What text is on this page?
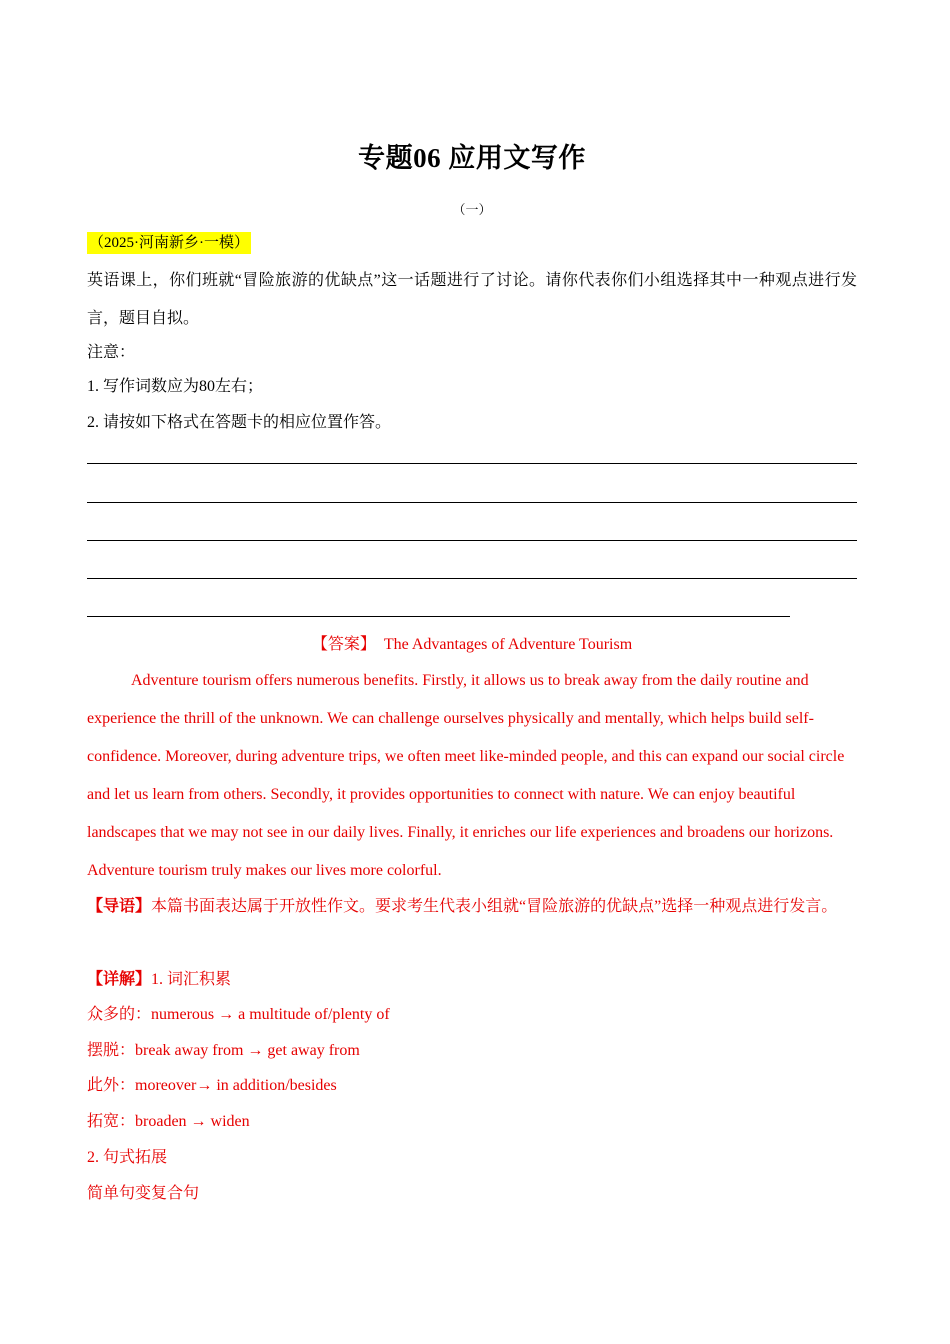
专题06 应用文写作
（一）
（2025·河南新乡·一模）
英语课上，你们班就“冒险旅游的优缺点”这一话题进行了讨论。请你代表你们小组选择其中一种观点进行发言，题目自拟。
注意：
1. 写作词数应为80左右；
2. 请按如下格式在答题卡的相应位置作答。
【答案】 The Advantages of Adventure Tourism

Adventure tourism offers numerous benefits. Firstly, it allows us to break away from the daily routine and experience the thrill of the unknown. We can challenge ourselves physically and mentally, which helps build self-confidence. Moreover, during adventure trips, we often meet like-minded people, and this can expand our social circle and let us learn from others. Secondly, it provides opportunities to connect with nature. We can enjoy beautiful landscapes that we may not see in our daily lives. Finally, it enriches our life experiences and broadens our horizons. Adventure tourism truly makes our lives more colorful.

【导语】本篇书面表达属于开放性作文。要求考生代表小组就“冒险旅游的优缺点”选择一种观点进行发言。
【详解】1. 词汇积累
众多的：numerous → a multitude of/plenty of
摆脱：break away from → get away from
此外：moreover→ in addition/besides
拓宽：broaden → widen
2. 句式拓展
简单句变复合句
